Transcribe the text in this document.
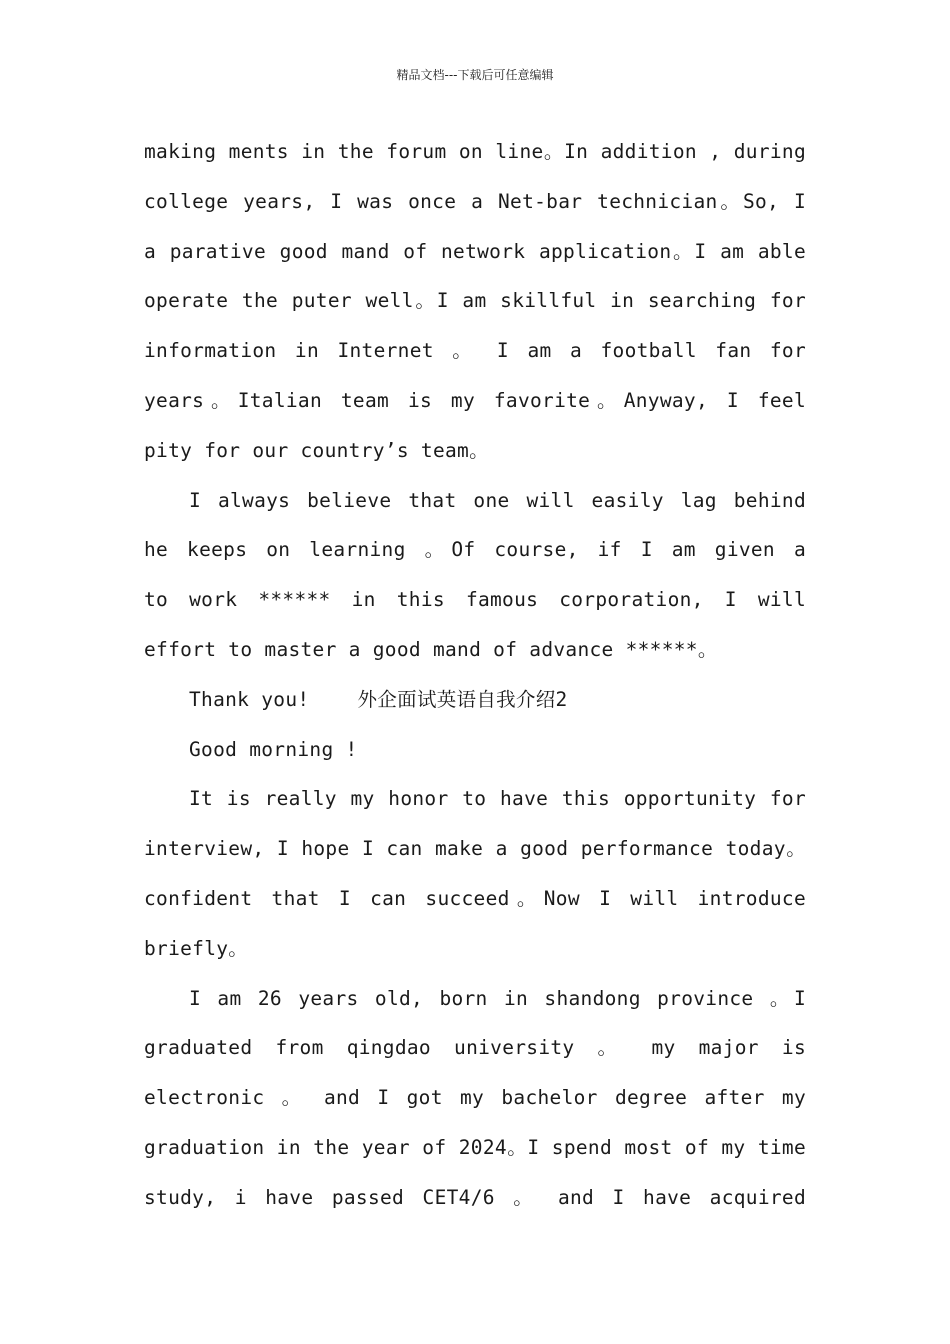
精品文档---下载后可任意编辑
making ments in the forum on line。In addition , during
college years, I was once a Net-bar technician。So, I
a parative good mand of network application。I am able
operate the puter well。I am skillful in searching for
information in Internet 。 I am a football fan for
years。Italian team is my favorite。Anyway, I feel
pity for our country’s team。
I always believe that one will easily lag behind
he keeps on learning 。Of course, if I am given a
to work ****** in this famous corporation, I will
effort to master a good mand of advance ******。
Thank you!    外企面试英语自我介绍2
Good morning !
It is really my honor to have this opportunity for
interview, I hope I can make a good performance today。
confident that I can succeed。Now I will introduce
briefly。
I am 26 years old, born in shandong province 。I
graduated from qingdao university 。 my major is
electronic 。 and I got my bachelor degree after my
graduation in the year of 2024。I spend most of my time
study, i have passed CET4/6 。 and I have acquired
